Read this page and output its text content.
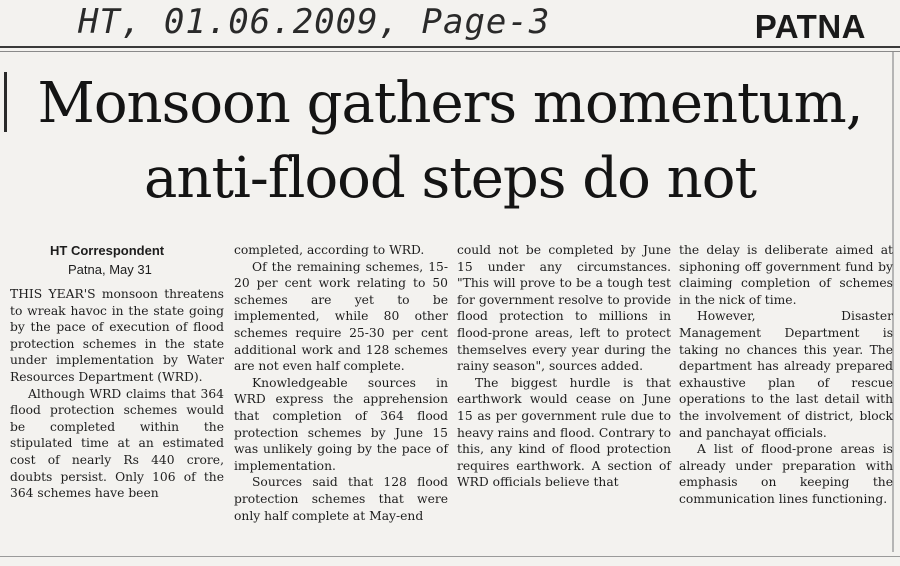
HT, 01.06.2009, Page-3	PATNA
Monsoon gathers momentum,
anti-flood steps do not
HT Correspondent
Patna, May 31

THIS YEAR'S monsoon threatens to wreak havoc in the state going by the pace of execution of flood protection schemes in the state under implementation by Water Resources Department (WRD).

Although WRD claims that 364 flood protection schemes would be completed within the stipulated time at an estimated cost of nearly Rs 440 crore, doubts persist. Only 106 of the 364 schemes have been

completed, according to WRD.

Of the remaining schemes, 15-20 per cent work relating to 50 schemes are yet to be implemented, while 80 other schemes require 25-30 per cent additional work and 128 schemes are not even half complete.

Knowledgeable sources in WRD express the apprehension that completion of 364 flood protection schemes by June 15 was unlikely going by the pace of implementation.

Sources said that 128 flood protection schemes that were only half complete at May-end

could not be completed by June 15 under any circumstances. "This will prove to be a tough test for government resolve to provide flood protection to millions in flood-prone areas, left to protect themselves every year during the rainy season", sources added.

The biggest hurdle is that earthwork would cease on June 15 as per government rule due to heavy rains and flood. Contrary to this, any kind of flood protection requires earthwork. A section of WRD officials believe that

the delay is deliberate aimed at siphoning off government fund by claiming completion of schemes in the nick of time.

However, Disaster Management Department is taking no chances this year. The department has already prepared exhaustive plan of rescue operations to the last detail with the involvement of district, block and panchayat officials.

A list of flood-prone areas is already under preparation with emphasis on keeping the communication lines functioning.
